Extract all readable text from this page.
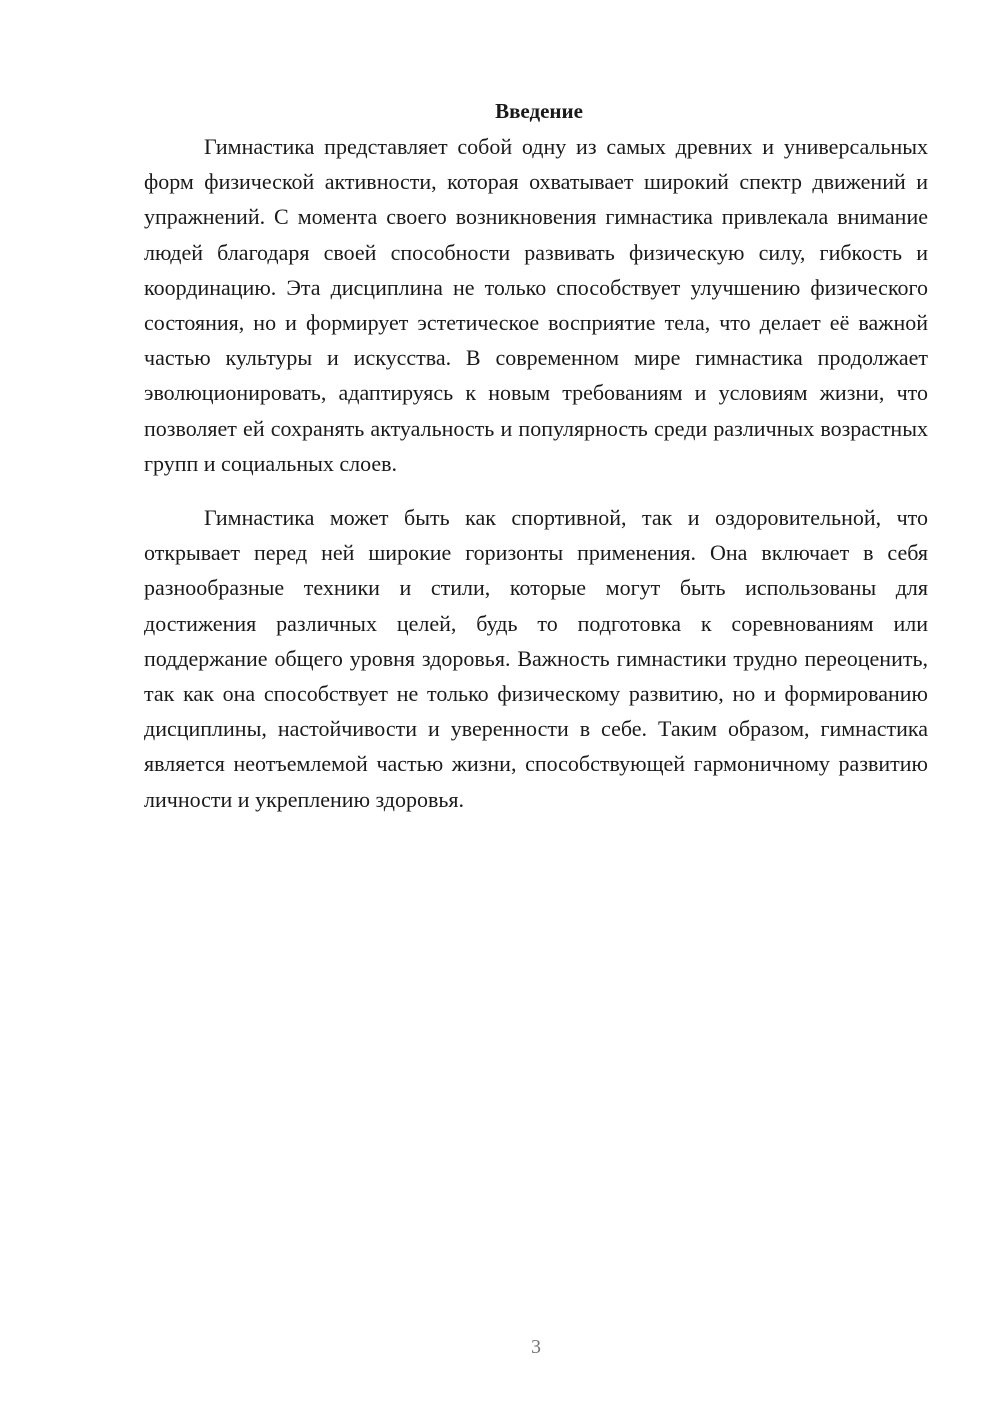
Введение

Гимнастика представляет собой одну из самых древних и универсальных форм физической активности, которая охватывает широкий спектр движений и упражнений. С момента своего возникновения гимнастика привлекала внимание людей благодаря своей способности развивать физическую силу, гибкость и координацию. Эта дисциплина не только способствует улучшению физического состояния, но и формирует эстетическое восприятие тела, что делает её важной частью культуры и искусства. В современном мире гимнастика продолжает эволюционировать, адаптируясь к новым требованиям и условиям жизни, что позволяет ей сохранять актуальность и популярность среди различных возрастных групп и социальных слоев.

Гимнастика может быть как спортивной, так и оздоровительной, что открывает перед ней широкие горизонты применения. Она включает в себя разнообразные техники и стили, которые могут быть использованы для достижения различных целей, будь то подготовка к соревнованиям или поддержание общего уровня здоровья. Важность гимнастики трудно переоценить, так как она способствует не только физическому развитию, но и формированию дисциплины, настойчивости и уверенности в себе. Таким образом, гимнастика является неотъемлемой частью жизни, способствующей гармоничному развитию личности и укреплению здоровья.

3
